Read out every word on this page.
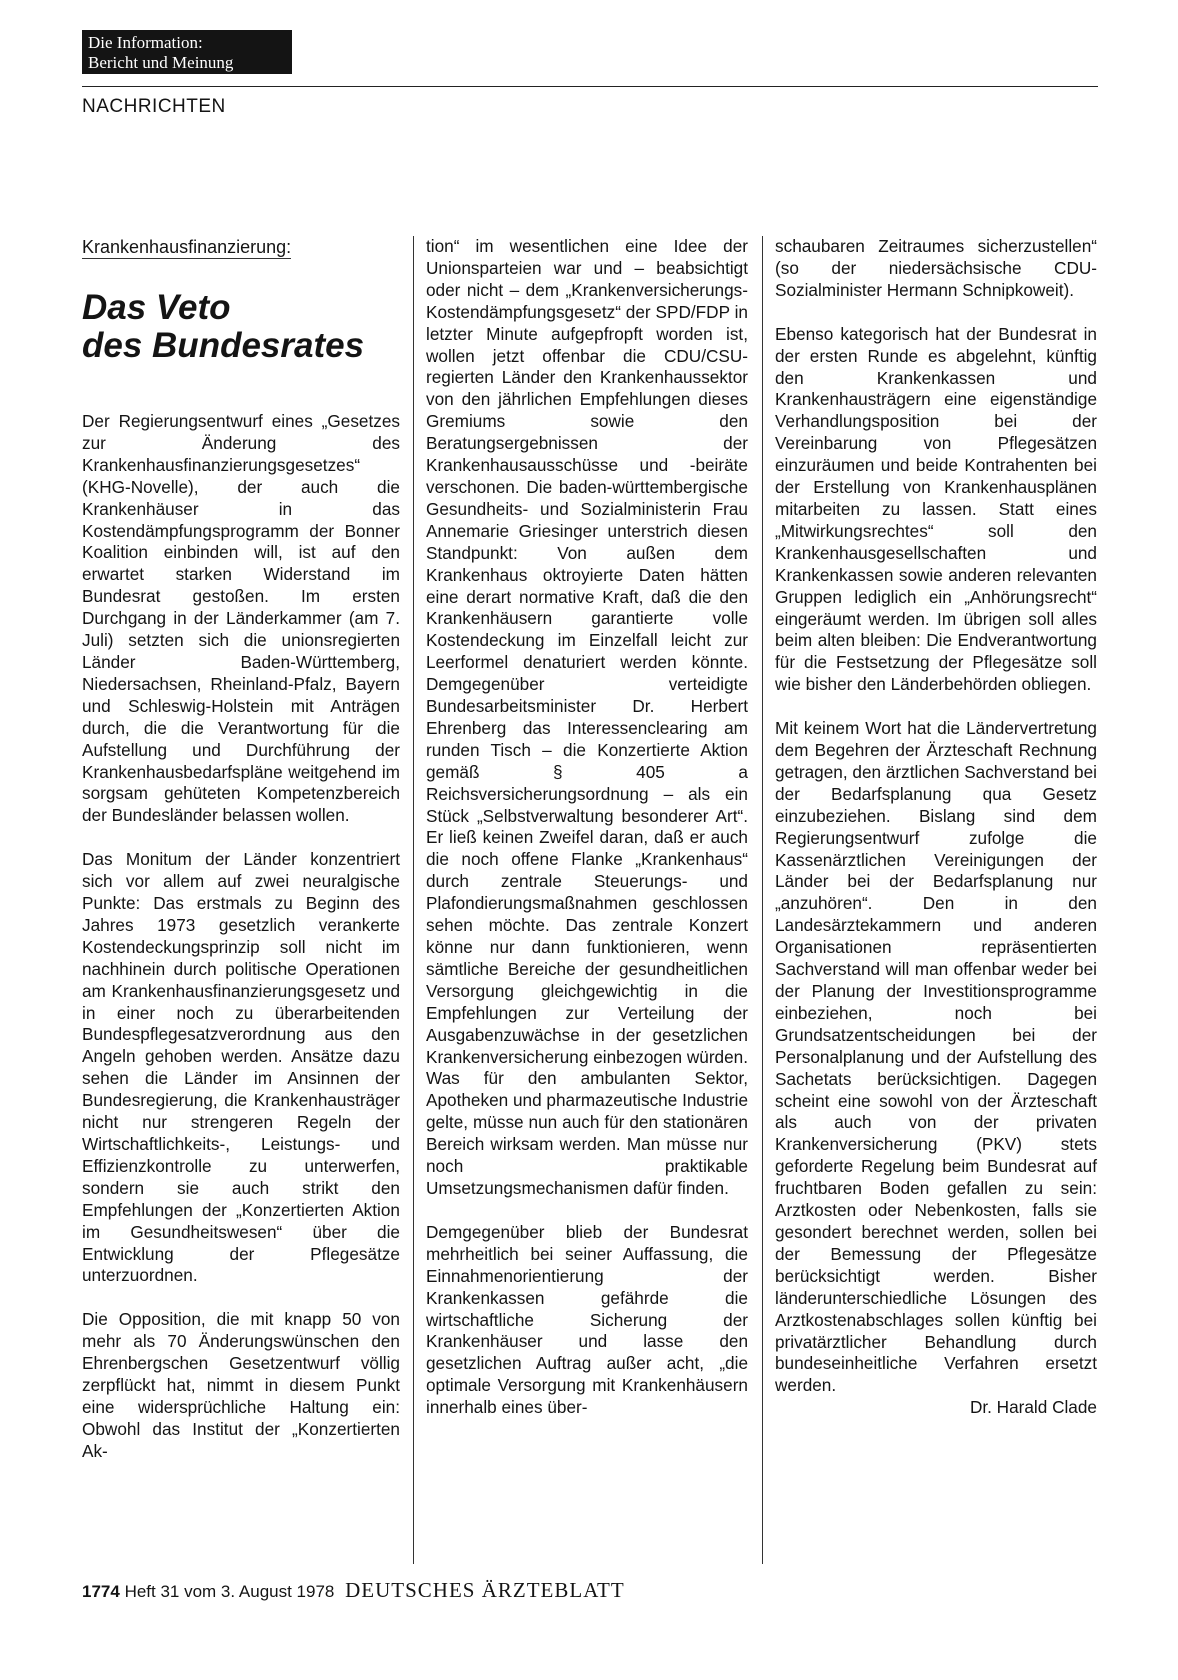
Die Information:
Bericht und Meinung
NACHRICHTEN
Krankenhausfinanzierung:
Das Veto
des Bundesrates

Der Regierungsentwurf eines „Gesetzes zur Änderung des Krankenhausfinanzierungsgesetzes“ (KHG-Novelle), der auch die Krankenhäuser in das Kostendämpfungsprogramm der Bonner Koalition einbinden will, ist auf den erwartet starken Widerstand im Bundesrat gestoßen. Im ersten Durchgang in der Länderkammer (am 7. Juli) setzten sich die unionsregierten Länder Baden-Württemberg, Niedersachsen, Rheinland-Pfalz, Bayern und Schleswig-Holstein mit Anträgen durch, die die Verantwortung für die Aufstellung und Durchführung der Krankenhausbedarfspläne weitgehend im sorgsam gehüteten Kompetenzbereich der Bundesländer belassen wollen.

Das Monitum der Länder konzentriert sich vor allem auf zwei neuralgische Punkte: Das erstmals zu Beginn des Jahres 1973 gesetzlich verankerte Kostendeckungsprinzip soll nicht im nachhinein durch politische Operationen am Krankenhausfinanzierungsgesetz und in einer noch zu überarbeitenden Bundespflegesatzverordnung aus den Angeln gehoben werden. Ansätze dazu sehen die Länder im Ansinnen der Bundesregierung, die Krankenhausträger nicht nur strengeren Regeln der Wirtschaftlichkeits-, Leistungs- und Effizienzkontrolle zu unterwerfen, sondern sie auch strikt den Empfehlungen der „Konzertierten Aktion im Gesundheitswesen“ über die Entwicklung der Pflegesätze unterzuordnen.

Die Opposition, die mit knapp 50 von mehr als 70 Änderungswünschen den Ehrenbergschen Gesetzentwurf völlig zerpflückt hat, nimmt in diesem Punkt eine widersprüchliche Haltung ein: Obwohl das Institut der „Konzertierten Ak-

tion“ im wesentlichen eine Idee der Unionsparteien war und – beabsichtigt oder nicht – dem „Krankenversicherungs-Kostendämpfungsgesetz“ der SPD/FDP in letzter Minute aufgepfropft worden ist, wollen jetzt offenbar die CDU/CSU-regierten Länder den Krankenhaussektor von den jährlichen Empfehlungen dieses Gremiums sowie den Beratungsergebnissen der Krankenhausausschüsse und -beiräte verschonen. Die baden-württembergische Gesundheits- und Sozialministerin Frau Annemarie Griesinger unterstrich diesen Standpunkt: Von außen dem Krankenhaus oktroyierte Daten hätten eine derart normative Kraft, daß die den Krankenhäusern garantierte volle Kostendeckung im Einzelfall leicht zur Leerformel denaturiert werden könnte. Demgegenüber verteidigte Bundesarbeitsminister Dr. Herbert Ehrenberg das Interessenclearing am runden Tisch – die Konzertierte Aktion gemäß § 405 a Reichsversicherungsordnung – als ein Stück „Selbstverwaltung besonderer Art“. Er ließ keinen Zweifel daran, daß er auch die noch offene Flanke „Krankenhaus“ durch zentrale Steuerungs- und Plafondierungsmaßnahmen geschlossen sehen möchte. Das zentrale Konzert könne nur dann funktionieren, wenn sämtliche Bereiche der gesundheitlichen Versorgung gleichgewichtig in die Empfehlungen zur Verteilung der Ausgabenzuwächse in der gesetzlichen Krankenversicherung einbezogen würden. Was für den ambulanten Sektor, Apotheken und pharmazeutische Industrie gelte, müsse nun auch für den stationären Bereich wirksam werden. Man müsse nur noch praktikable Umsetzungsmechanismen dafür finden.

Demgegenüber blieb der Bundesrat mehrheitlich bei seiner Auffassung, die Einnahmenorientierung der Krankenkassen gefährde die wirtschaftliche Sicherung der Krankenhäuser und lasse den gesetzlichen Auftrag außer acht, „die optimale Versorgung mit Krankenhäusern innerhalb eines über-

schaubaren Zeitraumes sicherzustellen“ (so der niedersächsische CDU-Sozialminister Hermann Schnipkoweit).

Ebenso kategorisch hat der Bundesrat in der ersten Runde es abgelehnt, künftig den Krankenkassen und Krankenhausträgern eine eigenständige Verhandlungsposition bei der Vereinbarung von Pflegesätzen einzuräumen und beide Kontrahenten bei der Erstellung von Krankenhausplänen mitarbeiten zu lassen. Statt eines „Mitwirkungsrechtes“ soll den Krankenhausgesellschaften und Krankenkassen sowie anderen relevanten Gruppen lediglich ein „Anhörungsrecht“ eingeräumt werden. Im übrigen soll alles beim alten bleiben: Die Endverantwortung für die Festsetzung der Pflegesätze soll wie bisher den Länderbehörden obliegen.

Mit keinem Wort hat die Ländervertretung dem Begehren der Ärzteschaft Rechnung getragen, den ärztlichen Sachverstand bei der Bedarfsplanung qua Gesetz einzubeziehen. Bislang sind dem Regierungsentwurf zufolge die Kassenärztlichen Vereinigungen der Länder bei der Bedarfsplanung nur „anzuhören“. Den in den Landesärztekammern und anderen Organisationen repräsentierten Sachverstand will man offenbar weder bei der Planung der Investitionsprogramme einbeziehen, noch bei Grundsatzentscheidungen bei der Personalplanung und der Aufstellung des Sachetats berücksichtigen. Dagegen scheint eine sowohl von der Ärzteschaft als auch von der privaten Krankenversicherung (PKV) stets geforderte Regelung beim Bundesrat auf fruchtbaren Boden gefallen zu sein: Arztkosten oder Nebenkosten, falls sie gesondert berechnet werden, sollen bei der Bemessung der Pflegesätze berücksichtigt werden. Bisher länderunterschiedliche Lösungen des Arztkostenabschlages sollen künftig bei privatärztlicher Behandlung durch bundeseinheitliche Verfahren ersetzt werden.

Dr. Harald Clade
1774 Heft 31 vom 3. August 1978 DEUTSCHES ÄRZTEBLATT
